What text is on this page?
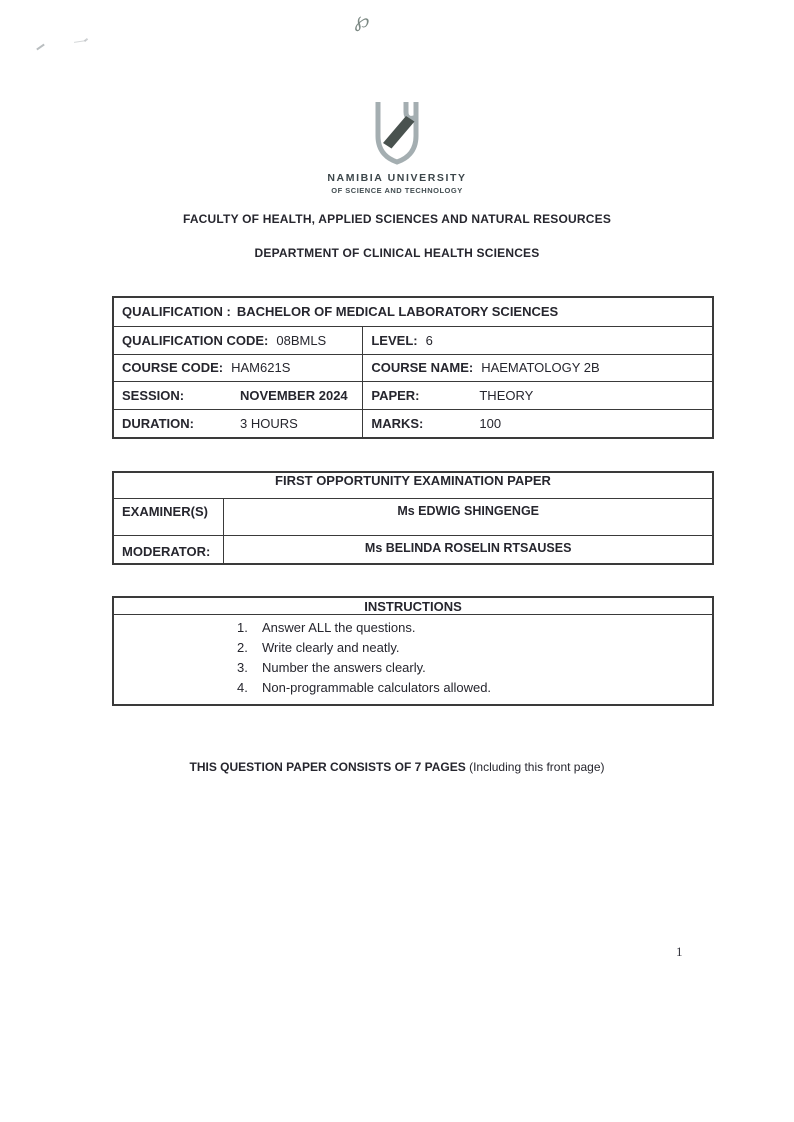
℘
NAMIBIA UNIVERSITY
OF SCIENCE AND TECHNOLOGY
FACULTY OF HEALTH, APPLIED SCIENCES AND NATURAL RESOURCES
DEPARTMENT OF CLINICAL HEALTH SCIENCES
QUALIFICATION : BACHELOR OF MEDICAL LABORATORY SCIENCES
QUALIFICATION CODE: 08BMLS	LEVEL: 6
COURSE CODE: HAM621S	COURSE NAME: HAEMATOLOGY 2B
SESSION:	NOVEMBER 2024 PAPER:	THEORY
DURATION:	3 HOURS	MARKS:	100
FIRST OPPORTUNITY EXAMINATION PAPER
EXAMINER(S)	Ms EDWIG SHINGENGE
MODERATOR:	Ms BELINDA ROSELIN RTSAUSES
INSTRUCTIONS
1.	Answer ALL the questions.
2.	Write clearly and neatly.
3.	Number the answers clearly.
4.	Non-programmable calculators allowed.
THIS QUESTION PAPER CONSISTS OF 7 PAGES (Including this front page)
1
